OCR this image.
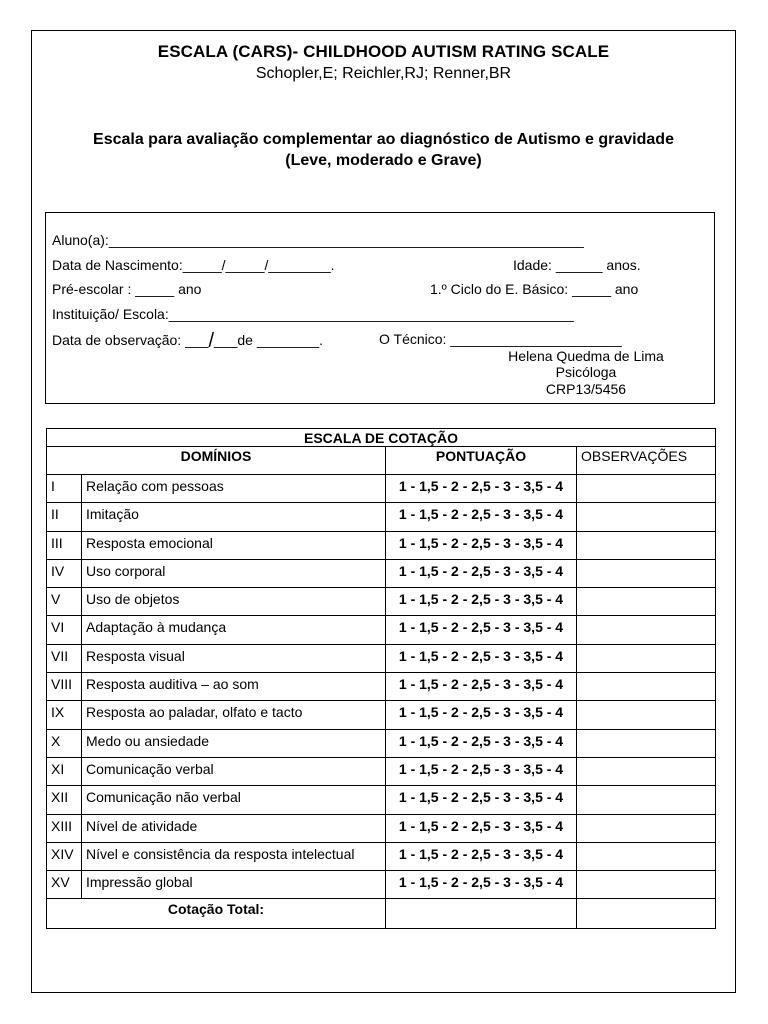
ESCALA (CARS)- CHILDHOOD AUTISM RATING SCALE
Schopler,E; Reichler,RJ; Renner,BR
Escala para avaliação complementar ao diagnóstico de Autismo e gravidade
(Leve, moderado e Grave)
Aluno(a):_____________________________________________________________
Data de Nascimento:_____/_____/________.	Idade: ______ anos.
Pré-escolar : _____ ano	1.º Ciclo do E. Básico: _____ ano
Instituição/ Escola:____________________________________________________
Data de observação: ___/___de ________.	O Técnico: ______________________
Helena Quedma de Lima
Psicóloga
CRP13/5456
ESCALA DE COTAÇÃO			
DOMÍNIOS		PONTUAÇÃO	OBSERVAÇÕES
I	Relação com pessoas	1 - 1,5 - 2 - 2,5 - 3 - 3,5 - 4	
II	Imitação	1 - 1,5 - 2 - 2,5 - 3 - 3,5 - 4	
III	Resposta emocional	1 - 1,5 - 2 - 2,5 - 3 - 3,5 - 4	
IV	Uso corporal	1 - 1,5 - 2 - 2,5 - 3 - 3,5 - 4	
V	Uso de objetos	1 - 1,5 - 2 - 2,5 - 3 - 3,5 - 4	
VI	Adaptação à mudança	1 - 1,5 - 2 - 2,5 - 3 - 3,5 - 4	
VII	Resposta visual	1 - 1,5 - 2 - 2,5 - 3 - 3,5 - 4	
VIII	Resposta auditiva – ao som	1 - 1,5 - 2 - 2,5 - 3 - 3,5 - 4	
IX	Resposta ao paladar, olfato e tacto	1 - 1,5 - 2 - 2,5 - 3 - 3,5 - 4	
X	Medo ou ansiedade	1 - 1,5 - 2 - 2,5 - 3 - 3,5 - 4	
XI	Comunicação verbal	1 - 1,5 - 2 - 2,5 - 3 - 3,5 - 4	
XII	Comunicação não verbal	1 - 1,5 - 2 - 2,5 - 3 - 3,5 - 4	
XIII	Nível de atividade	1 - 1,5 - 2 - 2,5 - 3 - 3,5 - 4	
XIV	Nível e consistência da resposta intelectual	1 - 1,5 - 2 - 2,5 - 3 - 3,5 - 4	
XV	Impressão global	1 - 1,5 - 2 - 2,5 - 3 - 3,5 - 4	
Cotação Total:			
